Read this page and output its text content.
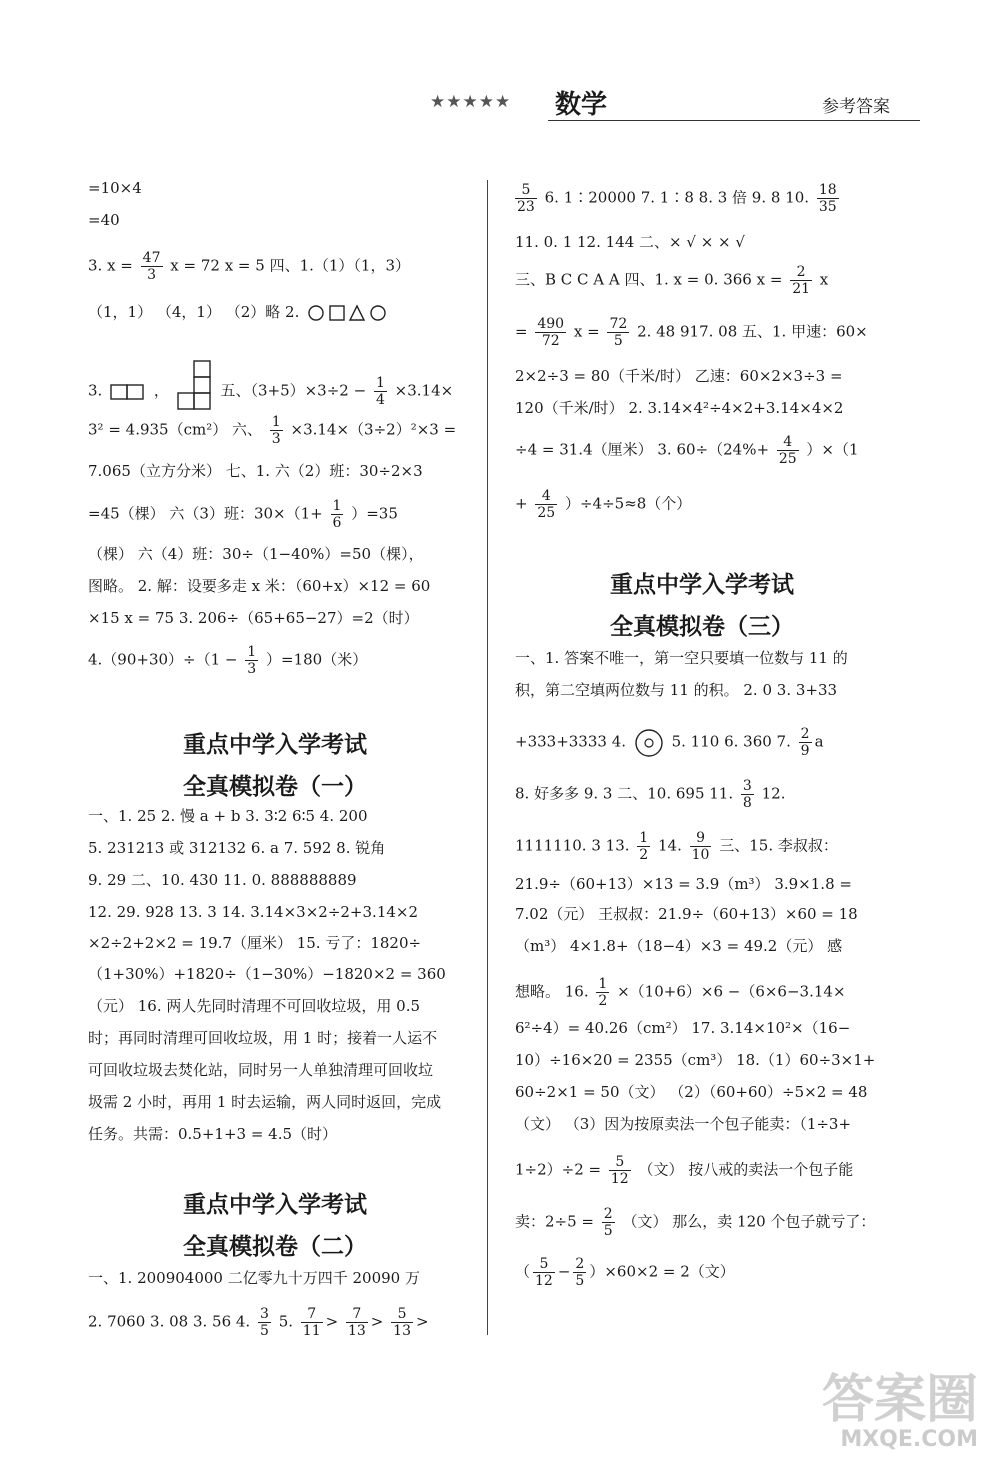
★★★★★ 数学	参考答案
=10×4
=40
3. $x = \frac{47}{3}$ x = 72 x = 5 四、1.（1）（1，3）
（1，1） （4，1） （2）略 2.
3.	，	五、$(3+5)\times 3\div 2 - \frac{1}{4} \times 3.14\times$
3² = 4.935（cm²） 六、 $\frac{1}{3} \times 3.14\times(3\div 2)^2\times 3$ =
7.065（立方分米） 七、1. 六（2）班：30÷2×3
=45（棵） 六（3）班：$30\times(1+ \frac{1}{6} )=35$
（棵） 六（4）班：30÷（1−40%）=50（棵），
图略。 2. 解：设要多走 x 米：（60+x）×12 = 60
×15 x = 75 3. 206÷（65+65−27）=2（时）
$4.(90+30)\div(1 - \frac{1}{3} )=180$（米）
重点中学入学考试
全真模拟卷（一）
一、1. 25 2. 慢 a + b 3. 3∶2 6∶5 4. 200
5. 231213 或 312132 6. a 7. 592 8. 锐角
9. 29 二、10. 430 11. 0. 888888889
12. 29. 928 13. 3 14. 3.14×3×2÷2+3.14×2
×2÷2+2×2 = 19.7（厘米） 15. 亏了：1820÷
（1+30%）+1820÷（1−30%）−1820×2 = 360
（元） 16. 两人先同时清理不可回收垃圾，用 0.5
时；再同时清理可回收垃圾，用 1 时；接着一人运不
可回收垃圾去焚化站，同时另一人单独清理可回收垃
圾需 2 小时，再用 1 时去运输，两人同时返回，完成
任务。共需：0.5+1+3 = 4.5（时）
重点中学入学考试
全真模拟卷（二）
一、1. 200904000 二亿零九十万四千 20090 万
2. 7060 3. 08 3. 56 4. $\frac{3}{5} 5$. $\frac{7}{11} > \frac{7}{13} > \frac{5}{13}$ >
$\frac{5}{23} 6$. 1∶20000 7. 1∶8 8. 3 倍 9. 8 10. $\frac{18}{35}$
11. 0. 1 12. 144 二、× √ × × √
三、B C C A A 四、1. x = 0. 366 $x = \frac{2}{21}$ x
= $\frac{490}{72}$ $x = \frac{72}{5} 2$. 48 917. 08 五、1. 甲速：60×
2×2÷3 = 80（千米/时） 乙速：60×2×3÷3 =
120（千米/时） 2. 3.14×4²÷4×2+3.14×4×2
÷4 = 31.4（厘米） 3. $60\div(24\%+ \frac{4}{25} )\times(1$
+ $\frac{4}{25} )\div 4\div 5\approx 8$（个）
重点中学入学考试
全真模拟卷（三）
一、1. 答案不唯一，第一空只要填一位数与 11 的
积，第二空填两位数与 11 的积。 2. 0 3. 3+33
+333+3333 4.	5. 110 6. 360 7. $\frac{2}{9}$ a
8. 好多多 9. 3 二、10. 695 11. $\frac{3}{8} 12$.
1111110. 3 13. $\frac{1}{2} 14$. $\frac{9}{10}$ 三、15. 李叔叔：
21.9÷（60+13）×13 = 3.9（m³） 3.9×1.8 =
7.02（元） 王叔叔：21.9÷（60+13）×60 = 18
（m³） 4×1.8+（18−4）×3 = 49.2（元） 感
想略。 16. $\frac{1}{2} \times(10+6)\times 6 -(6\times 6-3.14\times$
6²÷4）= 40.26（cm²） 17. 3.14×10²×（16−
10）÷16×20 = 2355（cm³） 18.（1）60÷3×1+
60÷2×1 = 50（文） （2）（60+60）÷5×2 = 48
（文） （3）因为按原卖法一个包子能卖：（1÷3+
$1\div 2)\div 2 = \frac{5}{12}$ （文） 按八戒的卖法一个包子能
卖：$2\div 5 = \frac{2}{5}$ （文） 那么，卖 120 个包子就亏了：
（ $\frac{5}{12} - \frac{2}{5} )\times 60\times 2 = 2$（文）
答案圈
MXQE.COM
